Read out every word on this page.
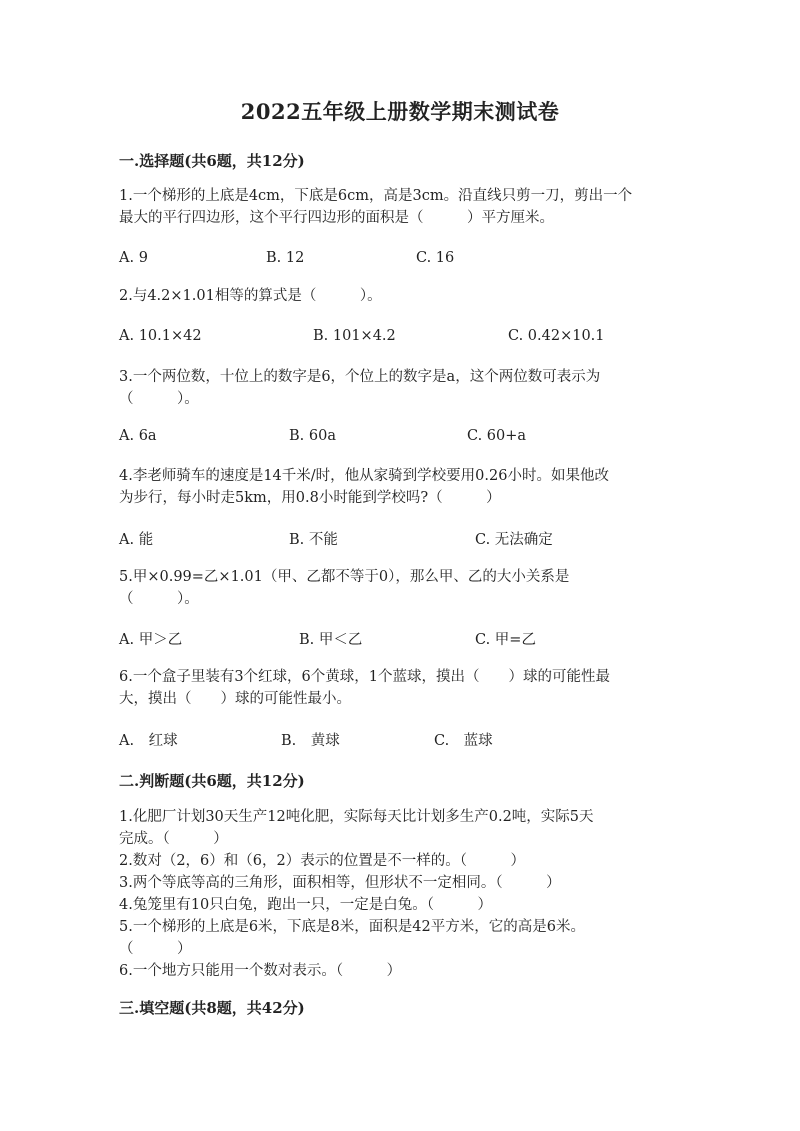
2022五年级上册数学期末测试卷
一.选择题(共6题，共12分)
1.一个梯形的上底是4cm，下底是6cm，高是3cm。沿直线只剪一刀，剪出一个
最大的平行四边形，这个平行四边形的面积是（　　　）平方厘米。
A. 9	B. 12	C. 16
2.与4.2×1.01相等的算式是（　　　）。
A. 10.1×42	B. 101×4.2	C. 0.42×10.1
3.一个两位数，十位上的数字是6，个位上的数字是a，这个两位数可表示为
（　　　）。
A. 6a	B. 60a	C. 60+a
4.李老师骑车的速度是14千米/时，他从家骑到学校要用0.26小时。如果他改
为步行，每小时走5km，用0.8小时能到学校吗?（　　　）
A. 能	B. 不能	C. 无法确定
5.甲×0.99=乙×1.01（甲、乙都不等于0），那么甲、乙的大小关系是
（　　　）。
A. 甲＞乙	B. 甲＜乙	C. 甲=乙
6.一个盒子里装有3个红球，6个黄球，1个蓝球，摸出（　　）球的可能性最
大，摸出（　　）球的可能性最小。
A.　红球	B.　黄球	C.　蓝球
二.判断题(共6题，共12分)
1.化肥厂计划30天生产12吨化肥，实际每天比计划多生产0.2吨，实际5天
完成。（　　　）
2.数对（2，6）和（6，2）表示的位置是不一样的。（　　　）
3.两个等底等高的三角形，面积相等，但形状不一定相同。（　　　）
4.兔笼里有10只白兔，跑出一只，一定是白兔。（　　　）
5.一个梯形的上底是6米，下底是8米，面积是42平方米，它的高是6米。
（　　　）
6.一个地方只能用一个数对表示。（　　　）
三.填空题(共8题，共42分)
